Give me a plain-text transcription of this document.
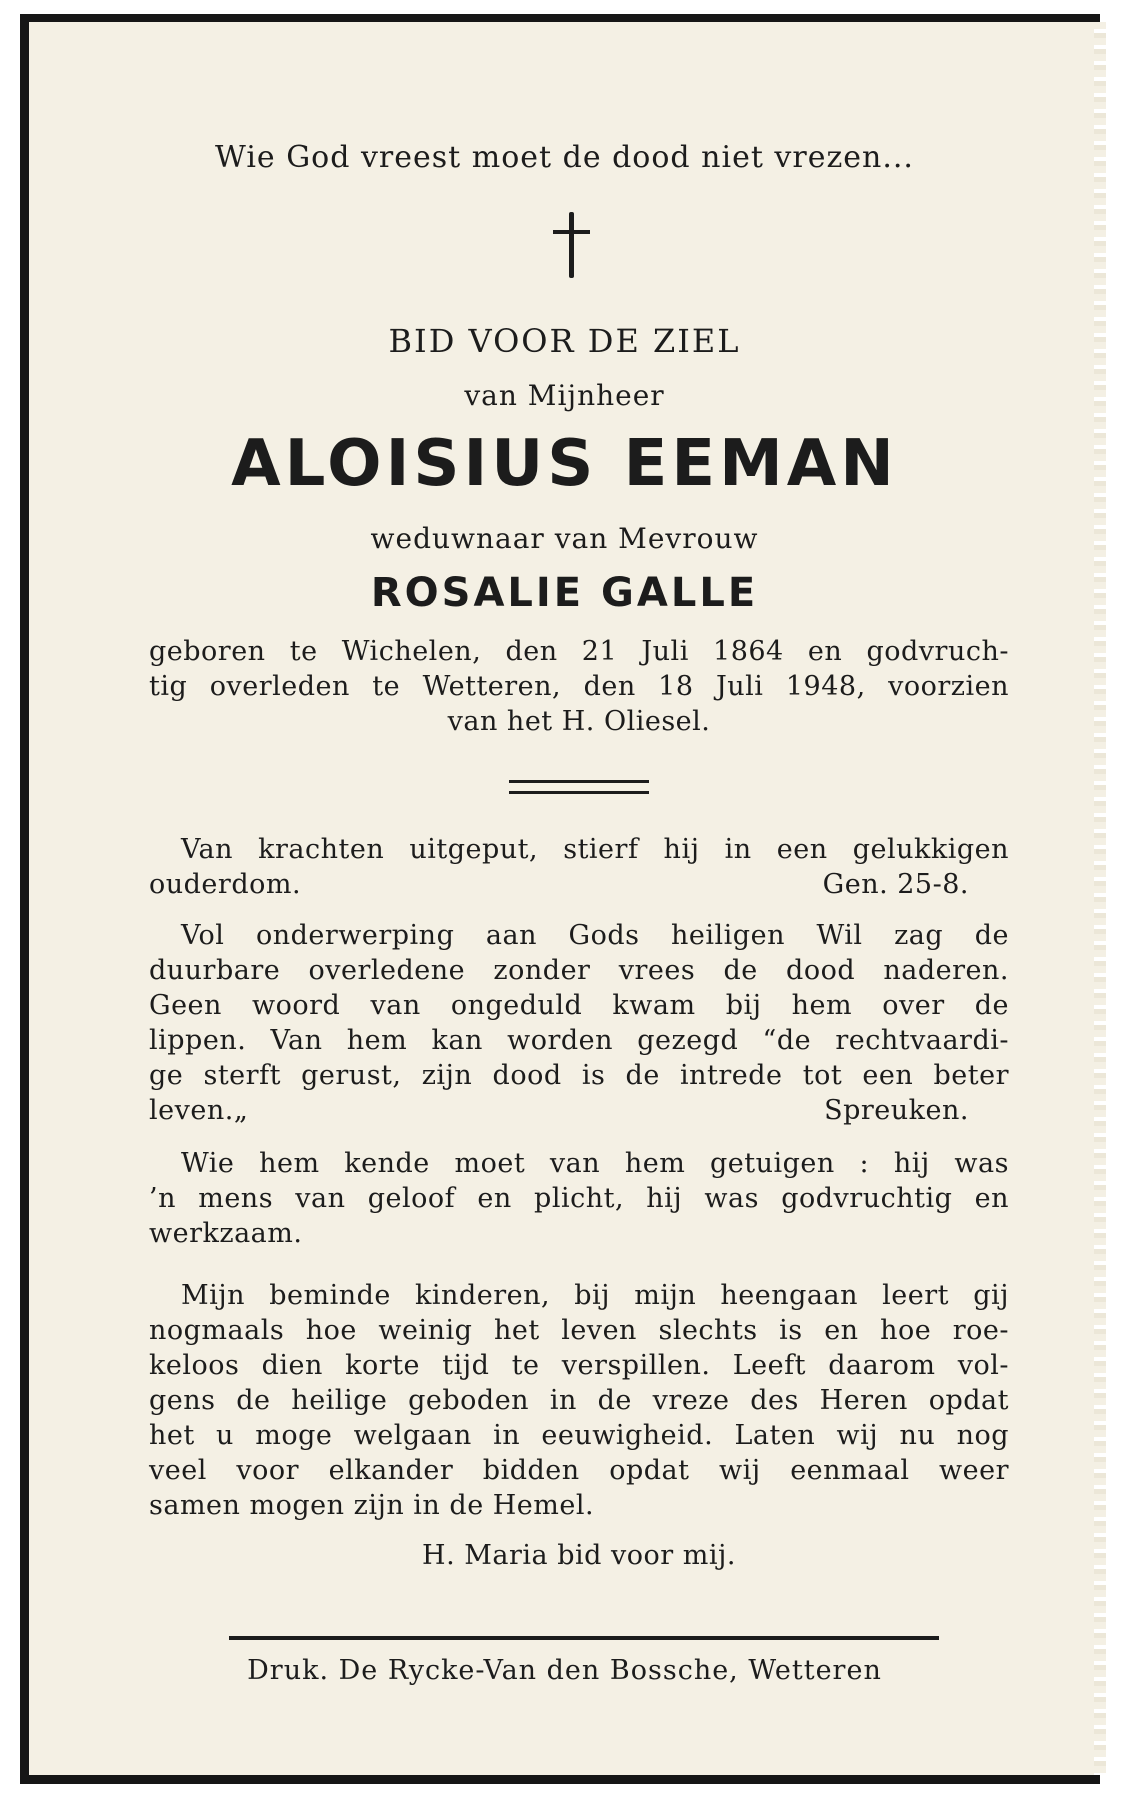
Wie God vreest moet de dood niet vrezen...
BID VOOR DE ZIEL
van Mijnheer
ALOISIUS EEMAN
weduwnaar van Mevrouw
ROSALIE GALLE
geboren te Wichelen, den 21 Juli 1864 en godvruch-
tig overleden te Wetteren, den 18 Juli 1948, voorzien
van het H. Oliesel.
Van krachten uitgeput, stierf hij in een gelukkigen
ouderdom.	Gen. 25-8.
Vol onderwerping aan Gods heiligen Wil zag de
duurbare overledene zonder vrees de dood naderen.
Geen woord van ongeduld kwam bij hem over de
lippen. Van hem kan worden gezegd “de rechtvaardi-
ge sterft gerust, zijn dood is de intrede tot een beter
leven.„	Spreuken.
Wie hem kende moet van hem getuigen : hij was
’n mens van geloof en plicht, hij was godvruchtig en
werkzaam.
Mijn beminde kinderen, bij mijn heengaan leert gij
nogmaals hoe weinig het leven slechts is en hoe roe-
keloos dien korte tijd te verspillen. Leeft daarom vol-
gens de heilige geboden in de vreze des Heren opdat
het u moge welgaan in eeuwigheid. Laten wij nu nog
veel voor elkander bidden opdat wij eenmaal weer
samen mogen zijn in de Hemel.
H. Maria bid voor mij.
Druk. De Rycke-Van den Bossche, Wetteren
